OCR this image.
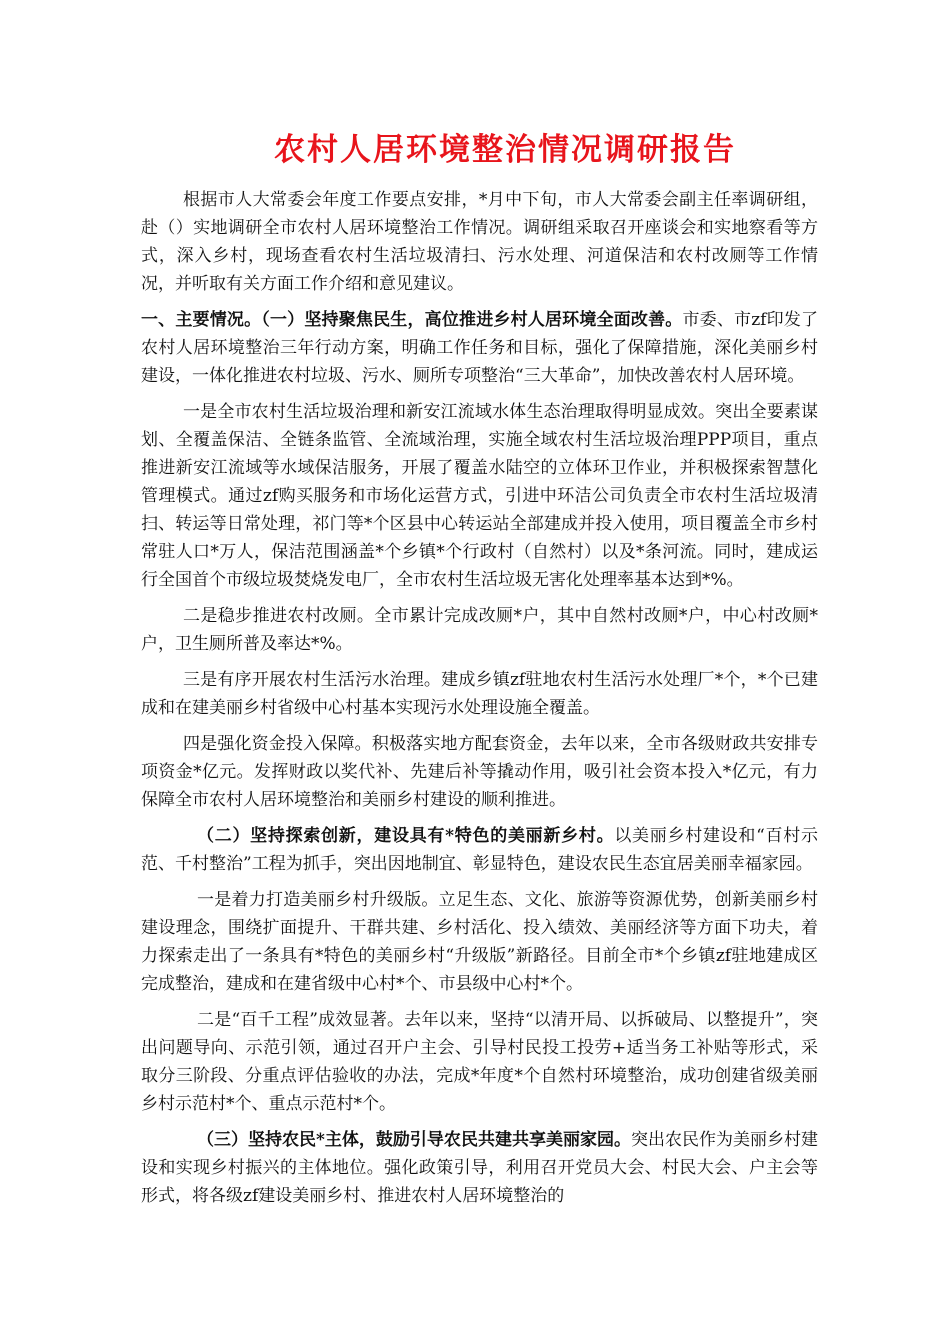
农村人居环境整治情况调研报告

根据市人大常委会年度工作要点安排，*月中下旬，市人大常委会副主任率调研组，赴（）实地调研全市农村人居环境整治工作情况。调研组采取召开座谈会和实地察看等方式，深入乡村，现场查看农村生活垃圾清扫、污水处理、河道保洁和农村改厕等工作情况，并听取有关方面工作介绍和意见建议。

一、主要情况。（一）坚持聚焦民生，高位推进乡村人居环境全面改善。市委、市zf印发了农村人居环境整治三年行动方案，明确工作任务和目标，强化了保障措施，深化美丽乡村建设，一体化推进农村垃圾、污水、厕所专项整治“三大革命”，加快改善农村人居环境。

一是全市农村生活垃圾治理和新安江流域水体生态治理取得明显成效。突出全要素谋划、全覆盖保洁、全链条监管、全流域治理，实施全域农村生活垃圾治理PPP项目，重点推进新安江流域等水域保洁服务，开展了覆盖水陆空的立体环卫作业，并积极探索智慧化管理模式。通过zf购买服务和市场化运营方式，引进中环洁公司负责全市农村生活垃圾清扫、转运等日常处理，祁门等*个区县中心转运站全部建成并投入使用，项目覆盖全市乡村常驻人口*万人，保洁范围涵盖*个乡镇*个行政村（自然村）以及*条河流。同时，建成运行全国首个市级垃圾焚烧发电厂，全市农村生活垃圾无害化处理率基本达到*%。

二是稳步推进农村改厕。全市累计完成改厕*户，其中自然村改厕*户，中心村改厕*户，卫生厕所普及率达*%。

三是有序开展农村生活污水治理。建成乡镇zf驻地农村生活污水处理厂*个，*个已建成和在建美丽乡村省级中心村基本实现污水处理设施全覆盖。

四是强化资金投入保障。积极落实地方配套资金，去年以来，全市各级财政共安排专项资金*亿元。发挥财政以奖代补、先建后补等撬动作用，吸引社会资本投入*亿元，有力保障全市农村人居环境整治和美丽乡村建设的顺利推进。

（二）坚持探索创新，建设具有*特色的美丽新乡村。以美丽乡村建设和“百村示范、千村整治”工程为抓手，突出因地制宜、彰显特色，建设农民生态宜居美丽幸福家园。

一是着力打造美丽乡村升级版。立足生态、文化、旅游等资源优势，创新美丽乡村建设理念，围绕扩面提升、干群共建、乡村活化、投入绩效、美丽经济等方面下功夫，着力探索走出了一条具有*特色的美丽乡村“升级版”新路径。目前全市*个乡镇zf驻地建成区完成整治，建成和在建省级中心村*个、市县级中心村*个。

二是“百千工程”成效显著。去年以来，坚持“以清开局、以拆破局、以整提升”，突出问题导向、示范引领，通过召开户主会、引导村民投工投劳+适当务工补贴等形式，采取分三阶段、分重点评估验收的办法，完成*年度*个自然村环境整治，成功创建省级美丽乡村示范村*个、重点示范村*个。

（三）坚持农民*主体，鼓励引导农民共建共享美丽家园。突出农民作为美丽乡村建设和实现乡村振兴的主体地位。强化政策引导，利用召开党员大会、村民大会、户主会等形式，将各级zf建设美丽乡村、推进农村人居环境整治的
